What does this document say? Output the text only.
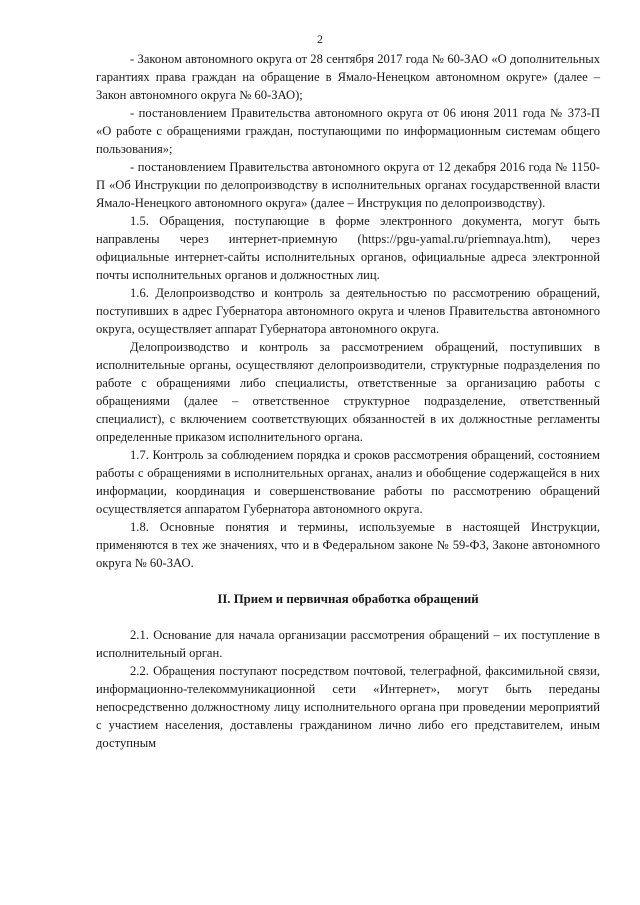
2

- Законом автономного округа от 28 сентября 2017 года № 60-ЗАО «О дополнительных гарантиях права граждан на обращение в Ямало-Ненецком автономном округе» (далее – Закон автономного округа № 60-ЗАО);

- постановлением Правительства автономного округа от 06 июня 2011 года № 373-П «О работе с обращениями граждан, поступающими по информационным системам общего пользования»;

- постановлением Правительства автономного округа от 12 декабря 2016 года № 1150-П «Об Инструкции по делопроизводству в исполнительных органах государственной власти Ямало-Ненецкого автономного округа» (далее – Инструкция по делопроизводству).

1.5. Обращения, поступающие в форме электронного документа, могут быть направлены через интернет-приемную (https://pgu-yamal.ru/priemnaya.htm), через официальные интернет-сайты исполнительных органов, официальные адреса электронной почты исполнительных органов и должностных лиц.

1.6. Делопроизводство и контроль за деятельностью по рассмотрению обращений, поступивших в адрес Губернатора автономного округа и членов Правительства автономного округа, осуществляет аппарат Губернатора автономного округа.

Делопроизводство и контроль за рассмотрением обращений, поступивших в исполнительные органы, осуществляют делопроизводители, структурные подразделения по работе с обращениями либо специалисты, ответственные за организацию работы с обращениями (далее – ответственное структурное подразделение, ответственный специалист), с включением соответствующих обязанностей в их должностные регламенты определенные приказом исполнительного органа.

1.7. Контроль за соблюдением порядка и сроков рассмотрения обращений, состоянием работы с обращениями в исполнительных органах, анализ и обобщение содержащейся в них информации, координация и совершенствование работы по рассмотрению обращений осуществляется аппаратом Губернатора автономного округа.

1.8. Основные понятия и термины, используемые в настоящей Инструкции, применяются в тех же значениях, что и в Федеральном законе № 59-ФЗ, Законе автономного округа № 60-ЗАО.

II. Прием и первичная обработка обращений

2.1. Основание для начала организации рассмотрения обращений – их поступление в исполнительный орган.

2.2. Обращения поступают посредством почтовой, телеграфной, факсимильной связи, информационно-телекоммуникационной сети «Интернет», могут быть переданы непосредственно должностному лицу исполнительного органа при проведении мероприятий с участием населения, доставлены гражданином лично либо его представителем, иным доступным
